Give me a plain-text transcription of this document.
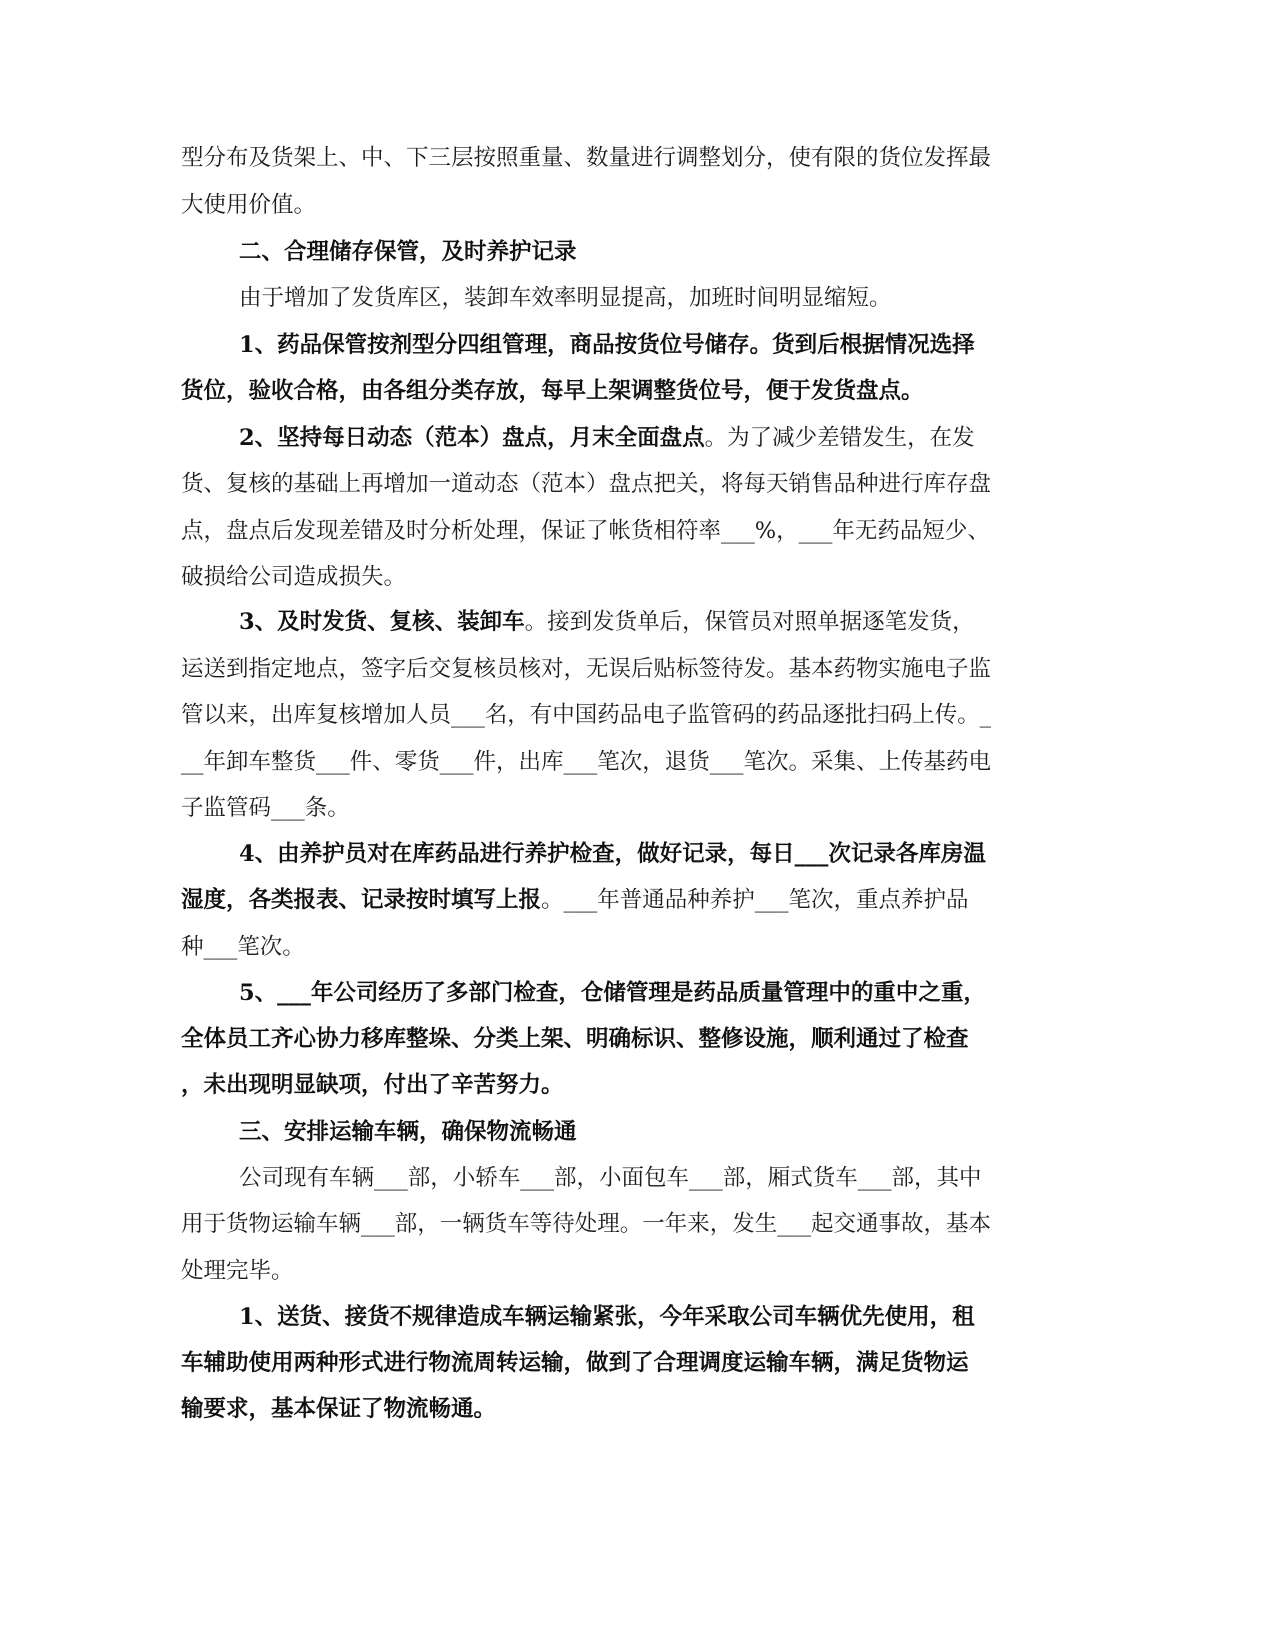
型分布及货架上、中、下三层按照重量、数量进行调整划分，使有限的货位发挥最
大使用价值。
二、合理储存保管，及时养护记录
由于增加了发货库区，装卸车效率明显提高，加班时间明显缩短。
1、药品保管按剂型分四组管理，商品按货位号储存。货到后根据情况选择
货位，验收合格，由各组分类存放，每早上架调整货位号，便于发货盘点。
2、坚持每日动态（范本）盘点，月末全面盘点。为了减少差错发生，在发
货、复核的基础上再增加一道动态（范本）盘点把关，将每天销售品种进行库存盘
点，盘点后发现差错及时分析处理，保证了帐货相符率___%，___年无药品短少、
破损给公司造成损失。
3、及时发货、复核、装卸车。接到发货单后，保管员对照单据逐笔发货，
运送到指定地点，签字后交复核员核对，无误后贴标签待发。基本药物实施电子监
管以来，出库复核增加人员___名，有中国药品电子监管码的药品逐批扫码上传。_
__年卸车整货___件、零货___件，出库___笔次，退货___笔次。采集、上传基药电
子监管码___条。
4、由养护员对在库药品进行养护检查，做好记录，每日___次记录各库房温
湿度，各类报表、记录按时填写上报。___年普通品种养护___笔次，重点养护品
种___笔次。
5、___年公司经历了多部门检查，仓储管理是药品质量管理中的重中之重，
全体员工齐心协力移库整垛、分类上架、明确标识、整修设施，顺利通过了检查
，未出现明显缺项，付出了辛苦努力。
三、安排运输车辆，确保物流畅通
公司现有车辆___部，小轿车___部，小面包车___部，厢式货车___部，其中
用于货物运输车辆___部，一辆货车等待处理。一年来，发生___起交通事故，基本
处理完毕。
1、送货、接货不规律造成车辆运输紧张，今年采取公司车辆优先使用，租
车辅助使用两种形式进行物流周转运输，做到了合理调度运输车辆，满足货物运
输要求，基本保证了物流畅通。
